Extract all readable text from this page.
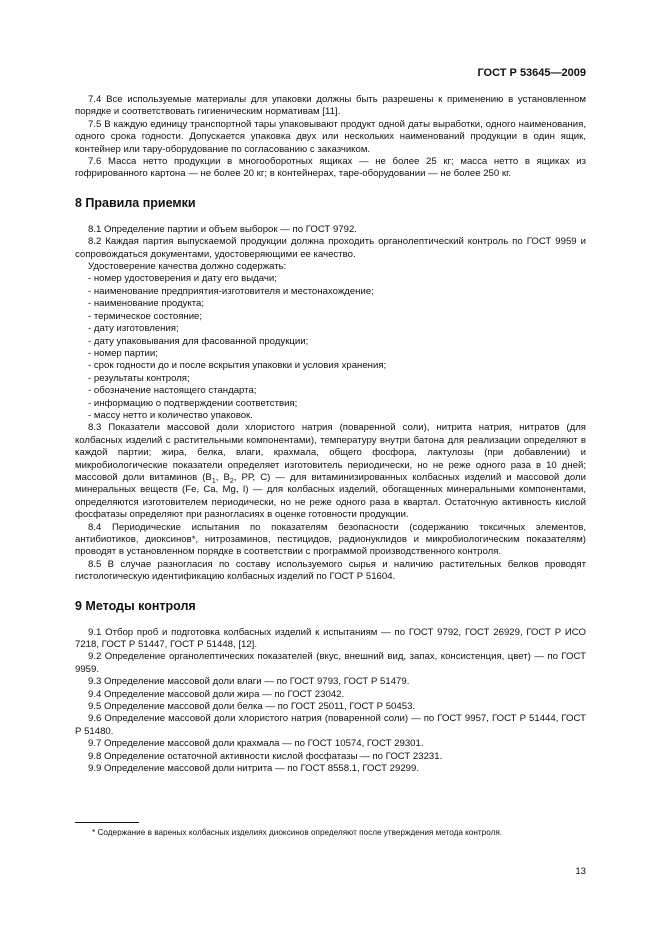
ГОСТ Р 53645—2009

7.4 Все используемые материалы для упаковки должны быть разрешены к применению в установленном порядке и соответствовать гигиеническим нормативам [11].

7.5 В каждую единицу транспортной тары упаковывают продукт одной даты выработки, одного наименования, одного срока годности. Допускается упаковка двух или нескольких наименований продукции в один ящик, контейнер или тару-оборудование по согласованию с заказчиком.

7.6 Масса нетто продукции в многооборотных ящиках — не более 25 кг; масса нетто в ящиках из гофрированного картона — не более 20 кг; в контейнерах, таре-оборудовании — не более 250 кг.

8 Правила приемки

8.1 Определение партии и объем выборок — по ГОСТ 9792.

8.2 Каждая партия выпускаемой продукции должна проходить органолептический контроль по ГОСТ 9959 и сопровождаться документами, удостоверяющими ее качество.

Удостоверение качества должно содержать:

- номер удостоверения и дату его выдачи;

- наименование предприятия-изготовителя и местонахождение;

- наименование продукта;

- термическое состояние;

- дату изготовления;

- дату упаковывания для фасованной продукции;

- номер партии;

- срок годности до и после вскрытия упаковки и условия хранения;

- результаты контроля;

- обозначение настоящего стандарта;

- информацию о подтверждении соответствия;

- массу нетто и количество упаковок.

8.3 Показатели массовой доли хлористого натрия (поваренной соли), нитрита натрия, нитратов (для колбасных изделий с растительными компонентами), температуру внутри батона для реализации определяют в каждой партии; жира, белка, влаги, крахмала, общего фосфора, лактулозы (при добавлении) и микробиологические показатели определяет изготовитель периодически, но не реже одного раза в 10 дней; массовой доли витаминов ($В_1$, $В_2$, РР, С) — для витаминизированных колбасных изделий и массовой доли минеральных веществ (Fe, Ca, Mg, I) — для колбасных изделий, обогащенных минеральными компонентами, определяются изготовителем периодически, но не реже одного раза в квартал. Остаточную активность кислой фосфатазы определяют при разногласиях в оценке готовности продукции.

8.4 Периодические испытания по показателям безопасности (содержанию токсичных элементов, антибиотиков, диоксинов*, нитрозаминов, пестицидов, радионуклидов и микробиологическим показателям) проводят в установленном порядке в соответствии с программой производственного контроля.

8.5 В случае разногласия по составу используемого сырья и наличию растительных белков проводят гистологическую идентификацию колбасных изделий по ГОСТ Р 51604.

9 Методы контроля

9.1 Отбор проб и подготовка колбасных изделий к испытаниям — по ГОСТ 9792, ГОСТ 26929, ГОСТ Р ИСО 7218, ГОСТ Р 51447, ГОСТ Р 51448, [12].

9.2 Определение органолептических показателей (вкус, внешний вид, запах, консистенция, цвет) — по ГОСТ 9959.

9.3 Определение массовой доли влаги — по ГОСТ 9793, ГОСТ Р 51479.

9.4 Определение массовой доли жира — по ГОСТ 23042.

9.5 Определение массовой доли белка — по ГОСТ 25011, ГОСТ Р 50453.

9.6 Определение массовой доли хлористого натрия (поваренной соли) — по ГОСТ 9957, ГОСТ Р 51444, ГОСТ Р 51480.

9.7 Определение массовой доли крахмала — по ГОСТ 10574, ГОСТ 29301.

9.8 Определение остаточной активности кислой фосфатазы — по ГОСТ 23231.

9.9 Определение массовой доли нитрита — по ГОСТ 8558.1, ГОСТ 29299.

* Содержание в вареных колбасных изделиях диоксинов определяют после утверждения метода контроля.
13
